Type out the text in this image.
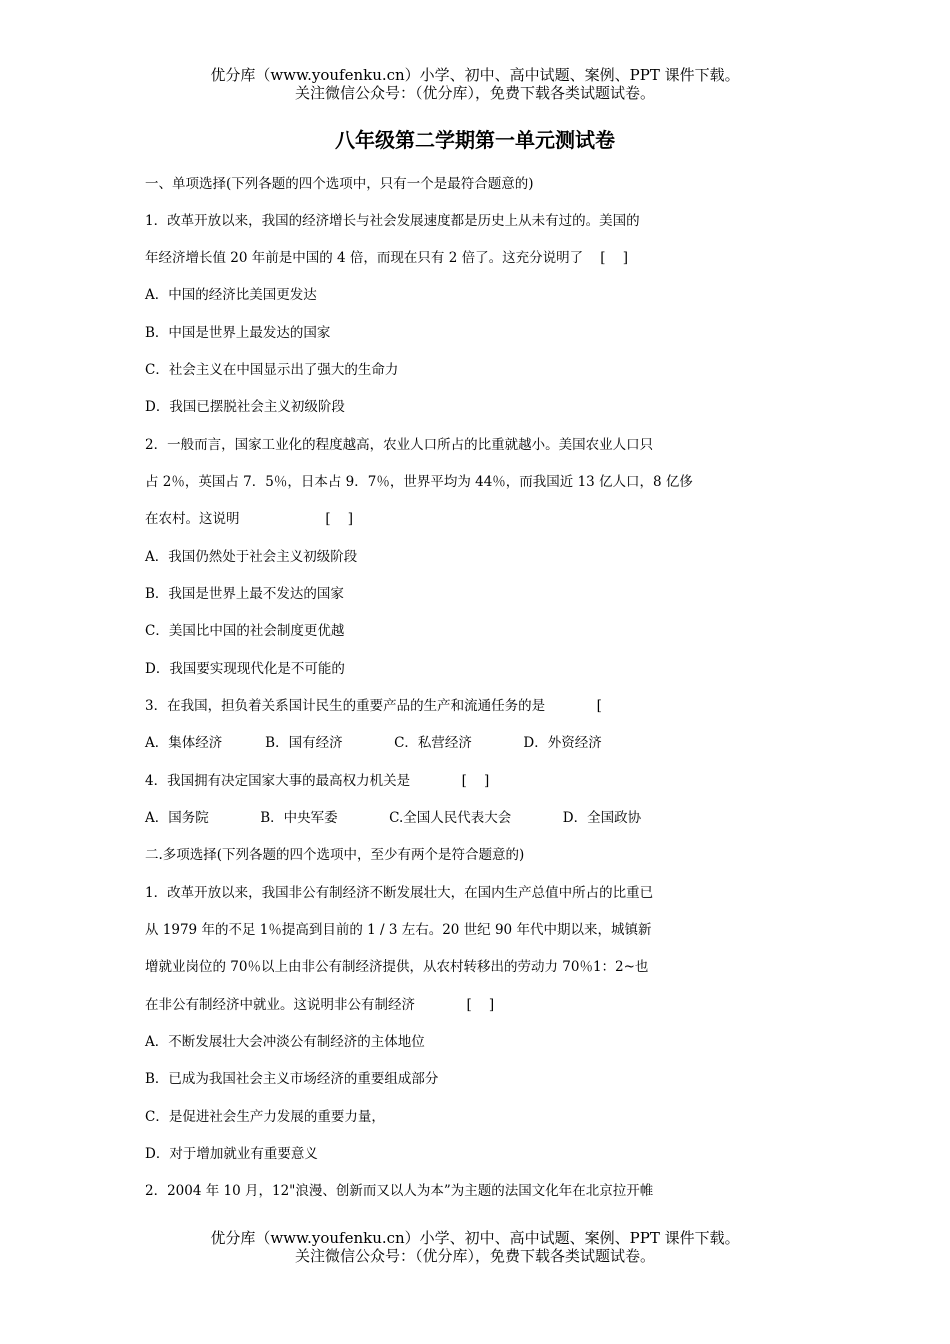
优分库（www.youfenku.cn）小学、初中、高中试题、案例、PPT 课件下载。
关注微信公众号：（优分库），免费下载各类试题试卷。
八年级第二学期第一单元测试卷
一、单项选择(下列各题的四个选项中，只有一个是最符合题意的)
1．改革开放以来，我国的经济增长与社会发展速度都是历史上从未有过的。美国的
年经济增长值 20 年前是中国的 4 倍，而现在只有 2 倍了。这充分说明了    [    ]
A．中国的经济比美国更发达
B．中国是世界上最发达的国家
C．社会主义在中国显示出了强大的生命力
D．我国已摆脱社会主义初级阶段
2．一般而言，国家工业化的程度越高，农业人口所占的比重就越小。美国农业人口只
占 2％，英国占 7．5％，日本占 9．7％，世界平均为 44％，而我国近 13 亿人口，8 亿侈
在农村。这说明                    [    ]
A．我国仍然处于社会主义初级阶段
B．我国是世界上最不发达的国家
C．美国比中国的社会制度更优越
D．我国要实现现代化是不可能的
3．在我国，担负着关系国计民生的重要产品的生产和流通任务的是            [
A．集体经济          B．国有经济            C．私营经济            D．外资经济
4．我国拥有决定国家大事的最高权力机关是            [    ]
A．国务院            B．中央军委            C.全国人民代表大会            D．全国政协
二.多项选择(下列各题的四个选项中，至少有两个是符合题意的)
1．改革开放以来，我国非公有制经济不断发展壮大，在国内生产总值中所占的比重已
从 1979 年的不足 1％提高到目前的 1 / 3 左右。20 世纪 90 年代中期以来，城镇新
增就业岗位的 70％以上由非公有制经济提供，从农村转移出的劳动力 70％1：2~也
在非公有制经济中就业。这说明非公有制经济            [    ]
A．不断发展壮大会冲淡公有制经济的主体地位
B．已成为我国社会主义市场经济的重要组成部分
C．是促进社会生产力发展的重要力量，
D．对于增加就业有重要意义
2．2004 年 10 月，12"浪漫、创新而又以人为本”为主题的法国文化年在北京拉开帷
优分库（www.youfenku.cn）小学、初中、高中试题、案例、PPT 课件下载。
关注微信公众号：（优分库），免费下载各类试题试卷。
